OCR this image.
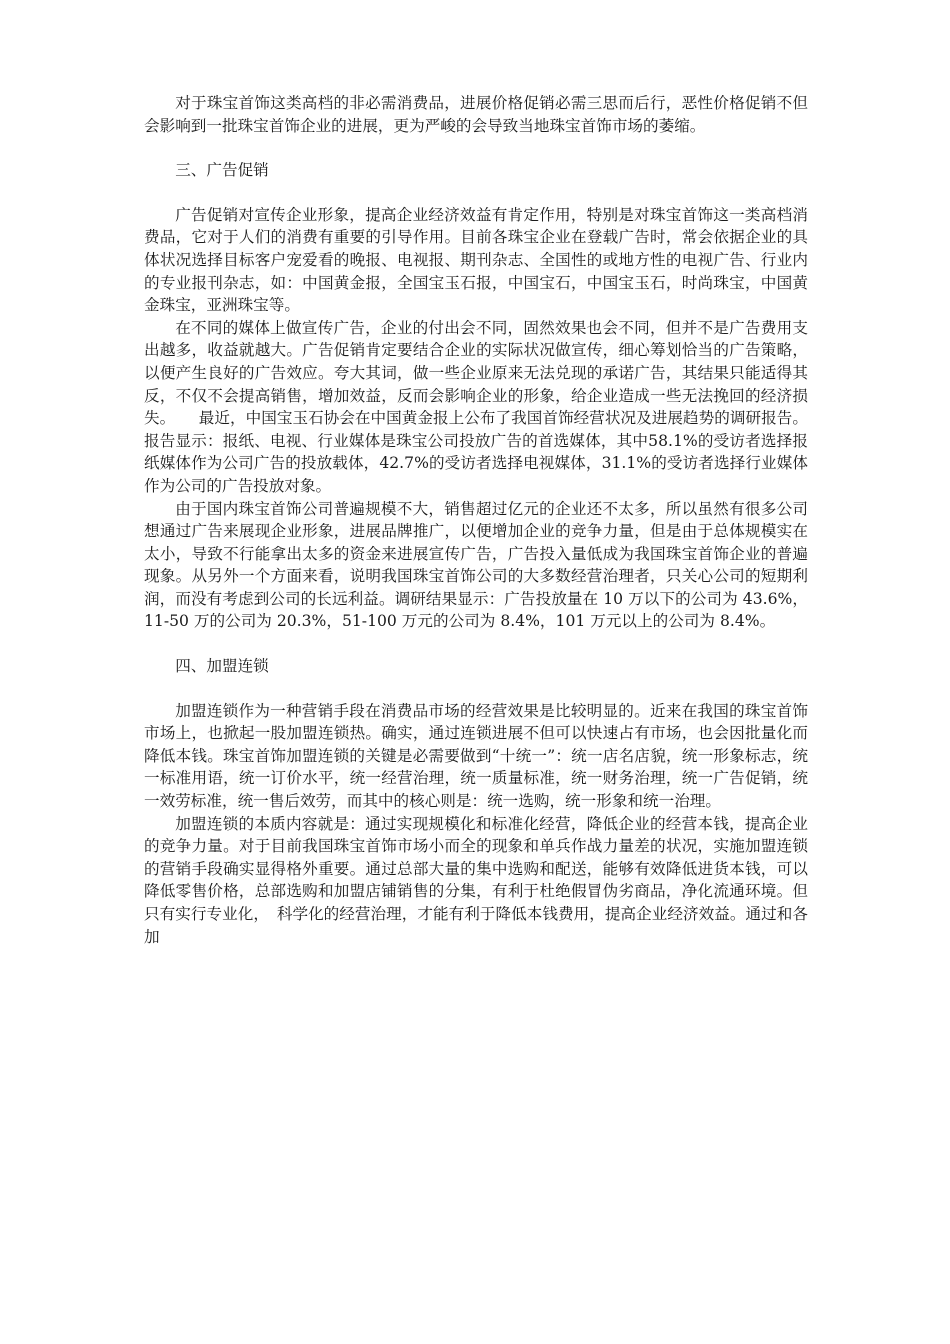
对于珠宝首饰这类高档的非必需消费品，进展价格促销必需三思而后行，恶性价格促销不但会影响到一批珠宝首饰企业的进展，更为严峻的会导致当地珠宝首饰市场的萎缩。

三、广告促销

广告促销对宣传企业形象，提高企业经济效益有肯定作用，特别是对珠宝首饰这一类高档消费品，它对于人们的消费有重要的引导作用。目前各珠宝企业在登载广告时，常会依据企业的具体状况选择目标客户宠爱看的晚报、电视报、期刊杂志、全国性的或地方性的电视广告、行业内的专业报刊杂志，如：中国黄金报，全国宝玉石报，中国宝石，中国宝玉石，时尚珠宝，中国黄金珠宝，亚洲珠宝等。

在不同的媒体上做宣传广告，企业的付出会不同，固然效果也会不同，但并不是广告费用支出越多，收益就越大。广告促销肯定要结合企业的实际状况做宣传，细心筹划恰当的广告策略，以便产生良好的广告效应。夸大其词，做一些企业原来无法兑现的承诺广告，其结果只能适得其反，不仅不会提高销售，增加效益，反而会影响企业的形象，给企业造成一些无法挽回的经济损失。　　最近，中国宝玉石协会在中国黄金报上公布了我国首饰经营状况及进展趋势的调研报告。报告显示：报纸、电视、行业媒体是珠宝公司投放广告的首选媒体，其中58.1%的受访者选择报纸媒体作为公司广告的投放载体，42.7%的受访者选择电视媒体，31.1%的受访者选择行业媒体作为公司的广告投放对象。

由于国内珠宝首饰公司普遍规模不大，销售超过亿元的企业还不太多，所以虽然有很多公司想通过广告来展现企业形象，进展品牌推广，以便增加企业的竞争力量，但是由于总体规模实在太小，导致不行能拿出太多的资金来进展宣传广告，广告投入量低成为我国珠宝首饰企业的普遍现象。从另外一个方面来看，说明我国珠宝首饰公司的大多数经营治理者，只关心公司的短期利润，而没有考虑到公司的长远利益。调研结果显示：广告投放量在 10 万以下的公司为 43.6%，11-50 万的公司为 20.3%，51-100 万元的公司为 8.4%，101 万元以上的公司为 8.4%。

四、加盟连锁

加盟连锁作为一种营销手段在消费品市场的经营效果是比较明显的。近来在我国的珠宝首饰市场上，也掀起一股加盟连锁热。确实，通过连锁进展不但可以快速占有市场，也会因批量化而降低本钱。珠宝首饰加盟连锁的关键是必需要做到“十统一”：统一店名店貌，统一形象标志，统一标准用语，统一订价水平，统一经营治理，统一质量标准，统一财务治理，统一广告促销，统一效劳标准，统一售后效劳，而其中的核心则是：统一选购，统一形象和统一治理。

加盟连锁的本质内容就是：通过实现规模化和标准化经营，降低企业的经营本钱，提高企业的竞争力量。对于目前我国珠宝首饰市场小而全的现象和单兵作战力量差的状况，实施加盟连锁的营销手段确实显得格外重要。通过总部大量的集中选购和配送，能够有效降低进货本钱，可以降低零售价格，总部选购和加盟店铺销售的分集，有利于杜绝假冒伪劣商品，净化流通环境。但只有实行专业化，　科学化的经营治理，才能有利于降低本钱费用，提高企业经济效益。通过和各加
